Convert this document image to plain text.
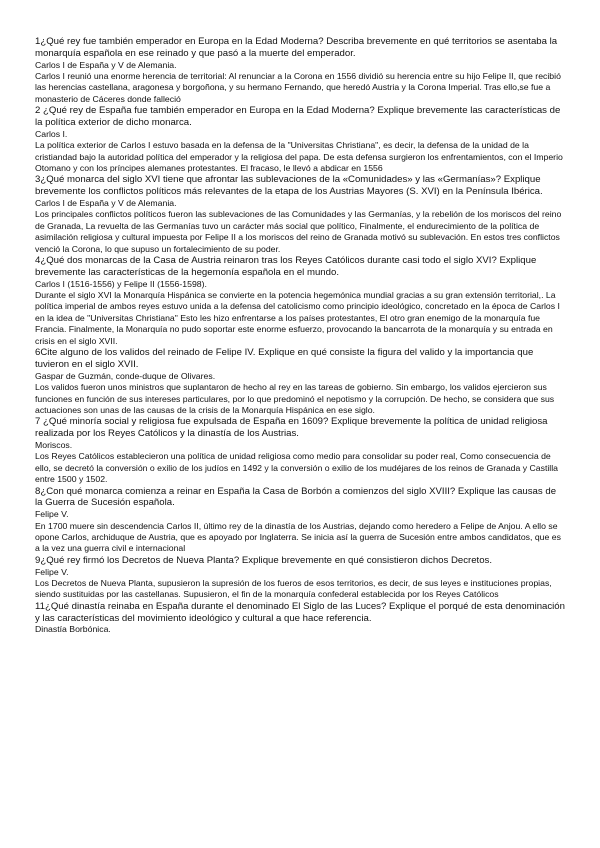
1¿Qué rey fue también emperador en Europa en la Edad Moderna? Describa brevemente en qué territorios se asentaba la monarquía española en ese reinado y que pasó a la muerte del emperador.

Carlos I de España y V de Alemania.

Carlos I reunió una enorme herencia de territorial: Al renunciar a la Corona en 1556 dividió su herencia entre su hijo Felipe II, que recibió las herencias castellana, aragonesa y borgoñona, y su hermano Fernando, que heredó Austria y la Corona Imperial. Tras ello,se fue a monasterio de Cáceres donde falleció

2 ¿Qué rey de España fue también emperador en Europa en la Edad Moderna? Explique brevemente las características de la política exterior de dicho monarca.

Carlos I.

La política exterior de Carlos I estuvo basada en la defensa de la "Universitas Christiana", es decir, la defensa de la unidad de la cristiandad bajo la autoridad política del emperador y la religiosa del papa. De esta defensa surgieron los enfrentamientos, con el Imperio Otomano y con los príncipes alemanes protestantes. El fracaso, le llevó a abdicar en 1556

3¿Qué monarca del siglo XVI tiene que afrontar las sublevaciones de la «Comunidades» y las «Germanías»? Explique brevemente los conflictos políticos más relevantes de la etapa de los Austrias Mayores (S. XVI) en la Península Ibérica.

Carlos I de España y V de Alemania.

Los principales conflictos políticos fueron las sublevaciones de las Comunidades y las Germanías, y la rebelión de los moriscos del reino de Granada, La revuelta de las Germanías tuvo un carácter más social que político, Finalmente, el endurecimiento de la política de asimilación religiosa y cultural impuesta por Felipe II a los moriscos del reino de Granada motivó su sublevación. En estos tres conflictos venció la Corona, lo que supuso un fortalecimiento de su poder.

4¿Qué dos monarcas de la Casa de Austria reinaron tras los Reyes Católicos durante casi todo el siglo XVI? Explique brevemente las características de la hegemonía española en el mundo.

Carlos I (1516-1556) y Felipe II (1556-1598).

Durante el siglo XVI la Monarquía Hispánica se convierte en la potencia hegemónica mundial gracias a su gran extensión territorial,. La política imperial de ambos reyes estuvo unida a la defensa del catolicismo como principio ideológico, concretado en la época de Carlos I en la idea de "Universitas Christiana" Esto les hizo enfrentarse a los países protestantes, El otro gran enemigo de la monarquía fue Francia. Finalmente, la Monarquía no pudo soportar este enorme esfuerzo, provocando la bancarrota de la monarquía y su entrada en crisis en el siglo XVII.

6Cite alguno de los validos del reinado de Felipe IV. Explique en qué consiste la figura del valido y la importancia que tuvieron en el siglo XVII.

Gaspar de Guzmán, conde-duque de Olivares.

Los validos fueron unos ministros que suplantaron de hecho al rey en las tareas de gobierno. Sin embargo, los validos ejercieron sus funciones en función de sus intereses particulares, por lo que predominó el nepotismo y la corrupción. De hecho, se considera que sus actuaciones son unas de las causas de la crisis de la Monarquía Hispánica en ese siglo.

7 ¿Qué minoría social y religiosa fue expulsada de España en 1609? Explique brevemente la política de unidad religiosa realizada por los Reyes Católicos y la dinastía de los Austrias.

Moriscos.

Los Reyes Católicos establecieron una política de unidad religiosa como medio para consolidar su poder real, Como consecuencia de ello, se decretó la conversión o exilio de los judíos en 1492 y la conversión o exilio de los mudéjares de los reinos de Granada y Castilla entre 1500 y 1502.

8¿Con qué monarca comienza a reinar en España la Casa de Borbón a comienzos del siglo XVIII? Explique las causas de la Guerra de Sucesión española.

Felipe V.

En 1700 muere sin descendencia Carlos II, último rey de la dinastía de los Austrias, dejando como heredero a Felipe de Anjou. A ello se opone Carlos, archiduque de Austria, que es apoyado por Inglaterra. Se inicia así la guerra de Sucesión entre ambos candidatos, que es a la vez una guerra civil e internacional

9¿Qué rey firmó los Decretos de Nueva Planta? Explique brevemente en qué consistieron dichos Decretos.

Felipe V.

Los Decretos de Nueva Planta, supusieron la supresión de los fueros de esos territorios, es decir, de sus leyes e instituciones propias, siendo sustituidas por las castellanas. Supusieron, el fin de la monarquía confederal establecida por los Reyes Católicos

11¿Qué dinastía reinaba en España durante el denominado El Siglo de las Luces? Explique el porqué de esta denominación y las características del movimiento ideológico y cultural a que hace referencia.

Dinastía Borbónica.
